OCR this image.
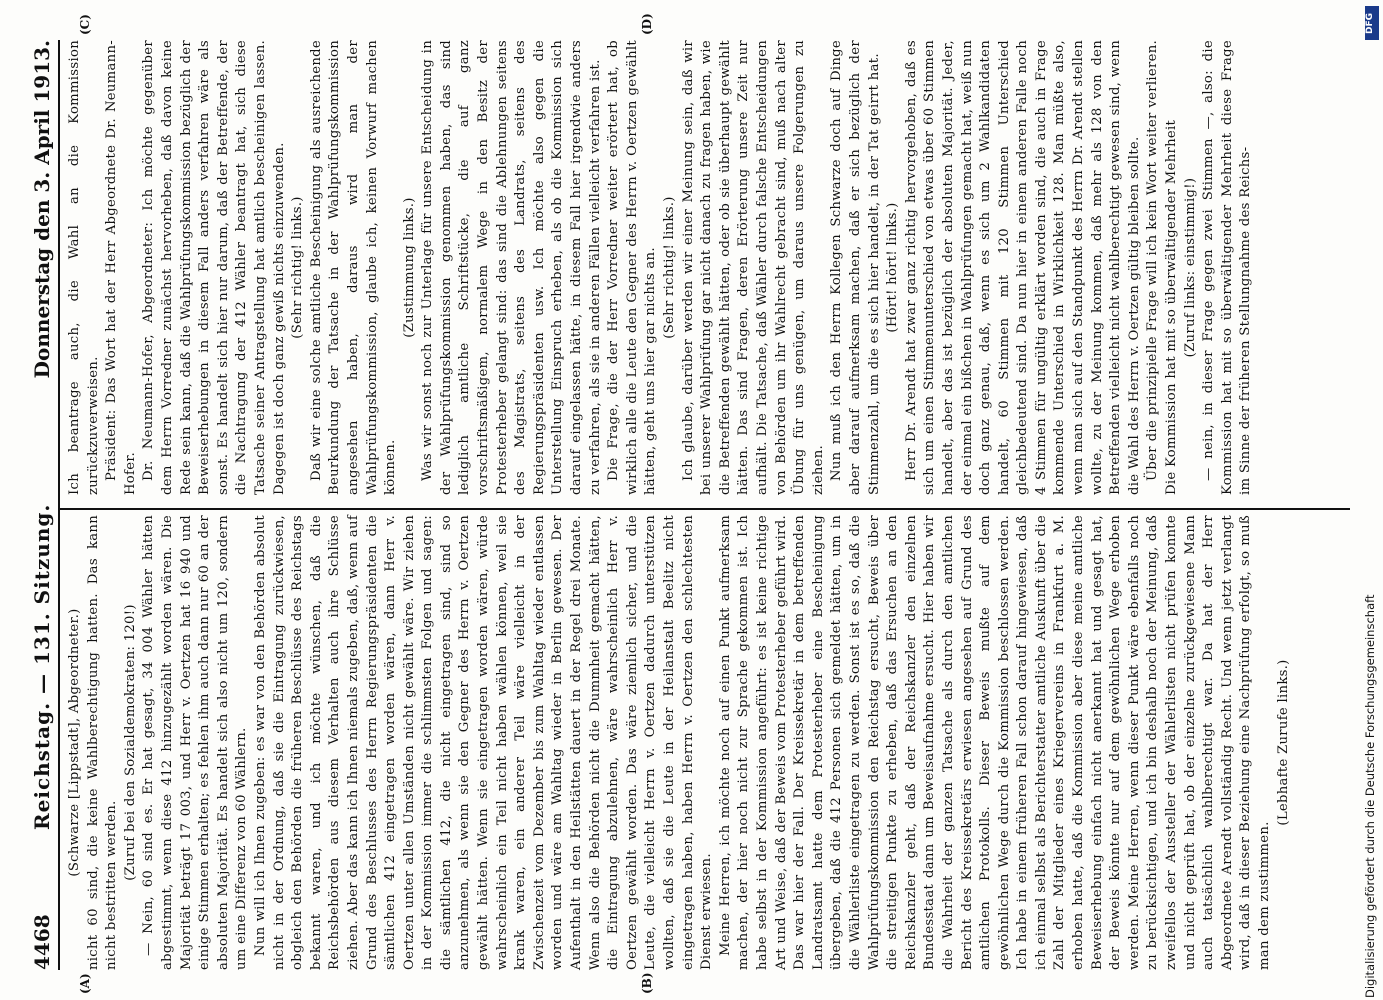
4468
Reichstag. — 131. Sitzung.
Donnerstag den 3. April 1913.
(A)	(B)
(C)	(D)

(Schwarze [Lippstadt], Abgeordneter.) nicht 60 sind, die keine Wahlberechtigung hatten. Das kann nicht bestritten werden.

(Zuruf bei den Sozialdemokraten: 120!) — Nein, 60 sind es. Er hat gesagt, 34 004 Wähler hätten abgestimmt, wenn diese 412 hinzugezählt worden wären. Die Majorität beträgt 17 003, und Herr v. Oertzen hat 16 940 und einige Stimmen erhalten; es fehlen ihm auch dann nur 60 an der absoluten Majorität. Es handelt sich also nicht um 120, sondern um eine Differenz von 60 Wählern. Nun will ich Ihnen zugeben: es war von den Behörden absolut nicht in der Ordnung, daß sie die Eintragung zurückwiesen, obgleich den Behörden die früheren Beschlüsse des Reichstags bekannt waren, und ich möchte wünschen, daß die Reichsbehörden aus diesem Verhalten auch ihre Schlüsse ziehen. Aber das kann ich Ihnen niemals zugeben, daß, wenn auf Grund des Beschlusses des Herrn Regierungspräsidenten die sämtlichen 412 eingetragen worden wären, dann Herr v. Oertzen unter allen Umständen nicht gewählt wäre. Wir ziehen in der Kommission immer die schlimmsten Folgen und sagen: die sämtlichen 412, die nicht eingetragen sind, sind so anzunehmen, als wenn sie den Gegner des Herrn v. Oertzen gewählt hätten. Wenn sie eingetragen worden wären, würde wahrscheinlich ein Teil nicht haben wählen können, weil sie krank waren, ein anderer Teil wäre vielleicht in der Zwischenzeit vom Dezember bis zum Wahltag wieder entlassen worden und wäre am Wahltag wieder in Berlin gewesen. Der Aufenthalt in den Heilstätten dauert in der Regel drei Monate. Wenn also die Behörden nicht die Dummheit gemacht hätten, die Eintragung abzulehnen, wäre wahrscheinlich Herr v. Oertzen gewählt worden. Das wäre ziemlich sicher, und die Leute, die vielleicht Herrn v. Oertzen dadurch unterstützen wollten, daß sie die Leute in der Heilanstalt Beelitz nicht eingetragen haben, haben Herrn v. Oertzen den schlechtesten Dienst erwiesen. Meine Herren, ich möchte noch auf einen Punkt aufmerksam machen, der hier noch nicht zur Sprache gekommen ist. Ich habe selbst in der Kommission angeführt: es ist keine richtige Art und Weise, daß der Beweis vom Protesterheber geführt wird. Das war hier der Fall. Der Kreissekretär in dem betreffenden Landratsamt hatte dem Protesterheber eine Bescheinigung übergeben, daß die 412 Personen sich gemeldet hätten, um in die Wählerliste eingetragen zu werden. Sonst ist es so, daß die Wahlprüfungskommission den Reichstag ersucht, Beweis über die streitigen Punkte zu erheben, daß das Ersuchen an den Reichskanzler geht, daß der Reichskanzler den einzelnen Bundesstaat dann um Beweisaufnahme ersucht. Hier haben wir die Wahrheit der ganzen Tatsache als durch den amtlichen Bericht des Kreissekretärs erwiesen angesehen auf Grund des amtlichen Protokolls. Dieser Beweis mußte auf dem gewöhnlichen Wege durch die Kommission beschlossen werden. Ich habe in einem früheren Fall schon darauf hingewiesen, daß ich einmal selbst als Berichterstatter amtliche Auskunft über die Zahl der Mitglieder eines Kriegervereins in Frankfurt a. M. erhoben hatte, daß die Kommission aber diese meine amtliche Beweiserhebung einfach nicht anerkannt hat und gesagt hat, der Beweis könnte nur auf dem gewöhnlichen Wege erhoben werden. Meine Herren, wenn dieser Punkt wäre ebenfalls noch zu berücksichtigen, und ich bin deshalb noch der Meinung, daß zweifellos der Aussteller der Wählerlisten nicht prüfen konnte und nicht geprüft hat, ob der einzelne zurückgewiesene Mann auch tatsächlich wahlberechtigt war. Da hat der Herr Abgeordnete Arendt vollständig Recht. Und wenn jetzt verlangt wird, daß in dieser Beziehung eine Nachprüfung erfolgt, so muß man dem zustimmen.

(Lebhafte Zurufe links.)

Ich beantrage auch, die Wahl an die Kommission zurückzuverweisen. Präsident: Das Wort hat der Herr Abgeordnete Dr. Neumann-Hofer. Dr. Neumann-Hofer, Abgeordneter: Ich möchte gegenüber dem Herrn Vorredner zunächst hervorheben, daß davon keine Rede sein kann, daß die Wahlprüfungskommission bezüglich der Beweiserhebungen in diesem Fall anders verfahren wäre als sonst. Es handelt sich hier nur darum, daß der Betreffende, der die Nachtragung der 412 Wähler beantragt hat, sich diese Tatsache seiner Antragstellung hat amtlich bescheinigen lassen. Dagegen ist doch ganz gewiß nichts einzuwenden. (Sehr richtig! links.) Daß wir eine solche amtliche Bescheinigung als ausreichende Beurkundung der Tatsache in der Wahlprüfungskommission angesehen haben, daraus wird man der Wahlprüfungskommission, glaube ich, keinen Vorwurf machen können.

(Zustimmung links.) Was wir sonst noch zur Unterlage für unsere Entscheidung in der Wahlprüfungskommission genommen haben, das sind lediglich amtliche Schriftstücke, die auf ganz vorschriftsmäßigem, normalem Wege in den Besitz der Protesterheber gelangt sind: das sind die Ablehnungen seitens des Magistrats, seitens des Landrats, seitens des Regierungspräsidenten usw. Ich möchte also gegen die Unterstellung Einspruch erheben, als ob die Kommission sich darauf eingelassen hätte, in diesem Fall hier irgendwie anders zu verfahren, als sie in anderen Fällen vielleicht verfahren ist. Die Frage, die der Herr Vorredner weiter erörtert hat, ob wirklich alle die Leute den Gegner des Herrn v. Oertzen gewählt hätten, geht uns hier gar nichts an. (Sehr richtig! links.) Ich glaube, darüber werden wir einer Meinung sein, daß wir bei unserer Wahlprüfung gar nicht danach zu fragen haben, wie die Betreffenden gewählt hätten, oder ob sie überhaupt gewählt hätten. Das sind Fragen, deren Erörterung unsere Zeit nur aufhält. Die Tatsache, daß Wähler durch falsche Entscheidungen von Behörden um ihr Wahlrecht gebracht sind, muß nach alter Übung für uns genügen, um daraus unsere Folgerungen zu ziehen. Nun muß ich den Herrn Kollegen Schwarze doch auf Dinge aber darauf aufmerksam machen, daß er sich bezüglich der Stimmenzahl, um die es sich hier handelt, in der Tat geirrt hat. (Hört! hört! links.) Herr Dr. Arendt hat zwar ganz richtig hervorgehoben, daß es sich um einen Stimmenunterschied von etwas über 60 Stimmen handelt, aber das ist bezüglich der absoluten Majorität. Jeder, der einmal ein bißchen in Wahlprüfungen gemacht hat, weiß nun doch ganz genau, daß, wenn es sich um 2 Wahlkandidaten handelt, 60 Stimmen mit 120 Stimmen Unterschied gleichbedeutend sind. Da nun hier in einem anderen Falle noch 4 Stimmen für ungültig erklärt worden sind, die auch in Frage kommende Unterschied in Wirklichkeit 128. Man müßte also, wenn man sich auf den Standpunkt des Herrn Dr. Arendt stellen wollte, zu der Meinung kommen, daß mehr als 128 von den Betreffenden vielleicht nicht wahlberechtigt gewesen sind, wenn die Wahl des Herrn v. Oertzen gültig bleiben sollte. Über die prinzipielle Frage will ich kein Wort weiter verlieren. Die Kommission hat mit so überwältigender Mehrheit (Zuruf links: einstimmig!) — nein, in dieser Frage gegen zwei Stimmen —, also: die Kommission hat mit so überwältigender Mehrheit diese Frage im Sinne der früheren Stellungnahme des Reichs-

DFG
Digitalisierung gefördert durch die Deutsche Forschungsgemeinschaft
